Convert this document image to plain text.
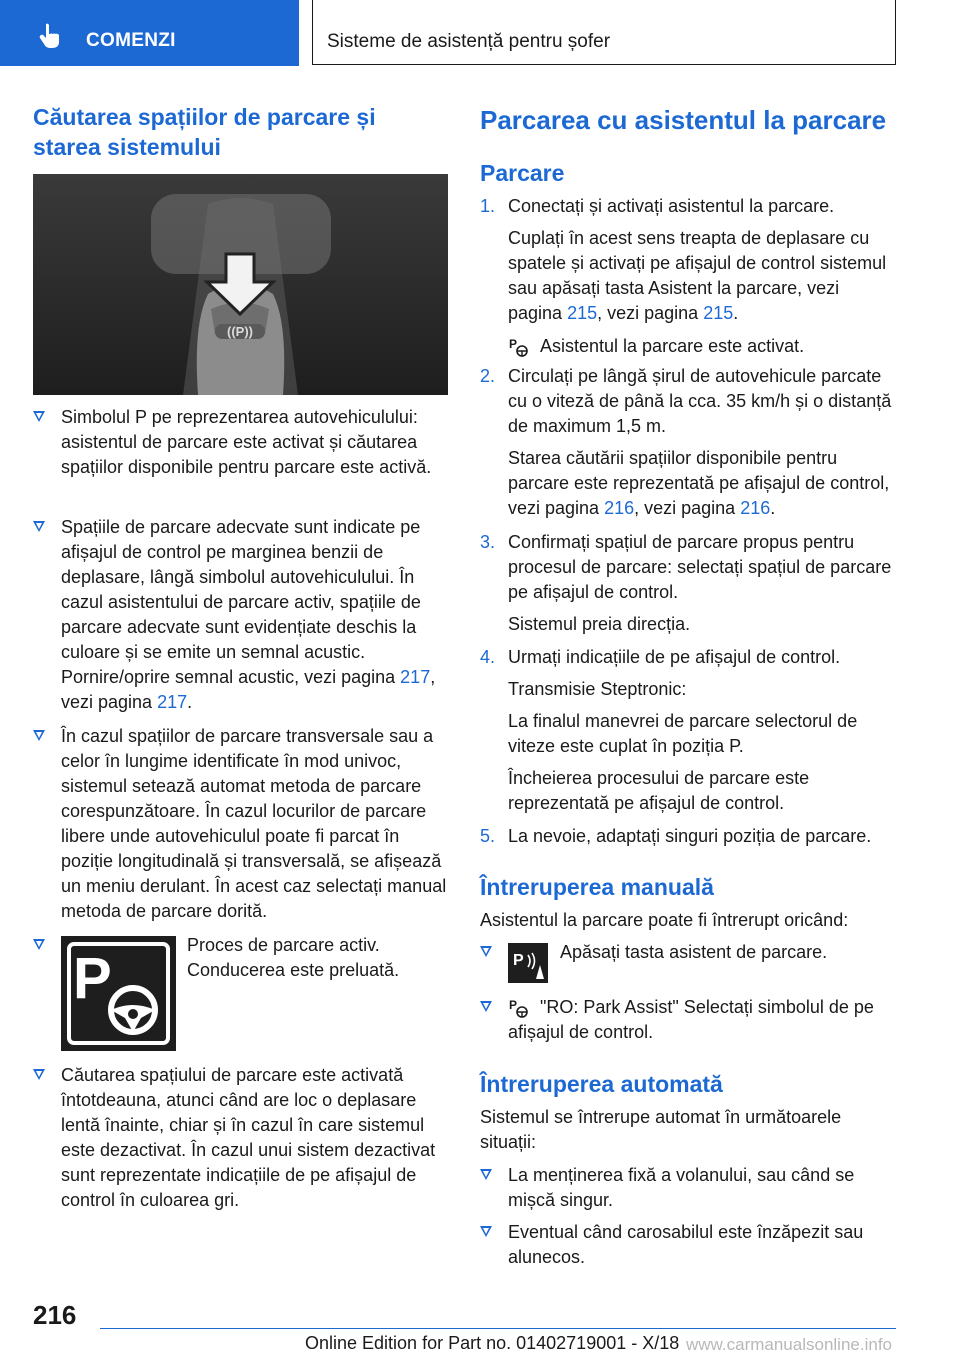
COMENZI	Sisteme de asistență pentru șofer
Căutarea spațiilor de parcare și starea sistemului
((P))
Simbolul P pe reprezentarea autovehiculului: asistentul de parcare este activat și căutarea spațiilor disponibile pentru parcare este activă.
Spațiile de parcare adecvate sunt indicate pe afișajul de control pe marginea benzii de deplasare, lângă simbolul autovehiculului. În cazul asistentului de parcare activ, spațiile de parcare adecvate sunt evidențiate deschis la culoare și se emite un semnal acustic. Pornire/oprire semnal acustic, vezi pagina 217, vezi pagina 217.
În cazul spațiilor de parcare transversale sau a celor în lungime identificate în mod univoc, sistemul setează automat metoda de parcare corespunzătoare. În cazul locurilor de parcare libere unde autovehiculul poate fi parcat în poziție longitudinală și transversală, se afișează un meniu derulant. În acest caz selectați manual metoda de parcare dorită.
P
Proces de parcare activ. Conducerea este preluată.
Căutarea spațiului de parcare este activată întotdeauna, atunci când are loc o deplasare lentă înainte, chiar și în cazul în care sistemul este dezactivat. În cazul unui sistem dezactivat sunt reprezentate indicațiile de pe afișajul de control în culoarea gri.
Parcarea cu asistentul la parcare
Parcare
1. Conectați și activați asistentul la parcare.
Cuplați în acest sens treapta de deplasare cu spatele și activați pe afișajul de control sistemul sau apăsați tasta Asistent la parcare, vezi pagina 215, vezi pagina 215.
P Asistentul la parcare este activat.
2. Circulați pe lângă șirul de autovehicule parcate cu o viteză de până la cca. 35 km/h și o distanță de maximum 1,5 m.
Starea căutării spațiilor disponibile pentru parcare este reprezentată pe afișajul de control, vezi pagina 216, vezi pagina 216.
3. Confirmați spațiul de parcare propus pentru procesul de parcare: selectați spațiul de parcare pe afișajul de control.
Sistemul preia direcția.
4. Urmați indicațiile de pe afișajul de control.
Transmisie Steptronic:
La finalul manevrei de parcare selectorul de viteze este cuplat în poziția P.
Încheierea procesului de parcare este reprezentată pe afișajul de control.
5. La nevoie, adaptați singuri poziția de parcare.
Întreruperea manuală
Asistentul la parcare poate fi întrerupt oricând:
P Apăsați tasta asistent de parcare.
P "RO: Park Assist" Selectați simbolul de pe afișajul de control.
Întreruperea automată
Sistemul se întrerupe automat în următoarele situații:
La menținerea fixă a volanului, sau când se mișcă singur.
Eventual când carosabilul este înzăpezit sau alunecos.
216
Online Edition for Part no. 01402719001 - X/18 www.carmanualsonline.info
